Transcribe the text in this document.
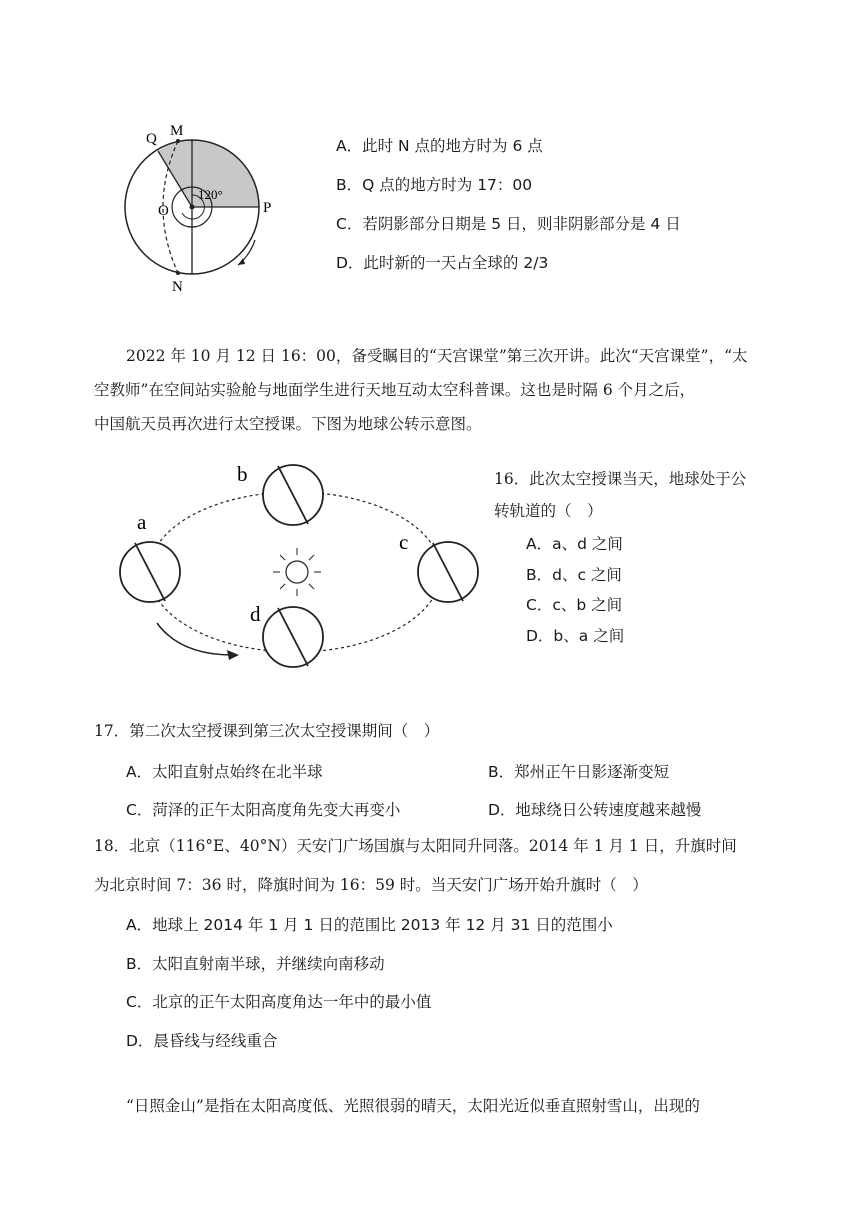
Q M
O	P
N
120°
A．此时 N 点的地方时为 6 点
B．Q 点的地方时为 17：00
C．若阴影部分日期是 5 日，则非阴影部分是 4 日
D．此时新的一天占全球的 2/3
2022 年 10 月 12 日 16：00，备受瞩目的“天宫课堂”第三次开讲。此次“天宫课堂”，“太
空教师”在空间站实验舱与地面学生进行天地互动太空科普课。这也是时隔 6 个月之后，
中国航天员再次进行太空授课。下图为地球公转示意图。
a
b
c
d
16．此次太空授课当天，地球处于公
转轨道的（　）
A．a、d 之间
B．d、c 之间
C．c、b 之间
D．b、a 之间
17．第二次太空授课到第三次太空授课期间（　）
A．太阳直射点始终在北半球	B．郑州正午日影逐渐变短
C．菏泽的正午太阳高度角先变大再变小	D．地球绕日公转速度越来越慢
18．北京（116°E、40°N）天安门广场国旗与太阳同升同落。2014 年 1 月 1 日，升旗时间
为北京时间 7：36 时，降旗时间为 16：59 时。当天安门广场开始升旗时（　）
A．地球上 2014 年 1 月 1 日的范围比 2013 年 12 月 31 日的范围小
B．太阳直射南半球，并继续向南移动
C．北京的正午太阳高度角达一年中的最小值
D．晨昏线与经线重合
“日照金山”是指在太阳高度低、光照很弱的晴天，太阳光近似垂直照射雪山，出现的
